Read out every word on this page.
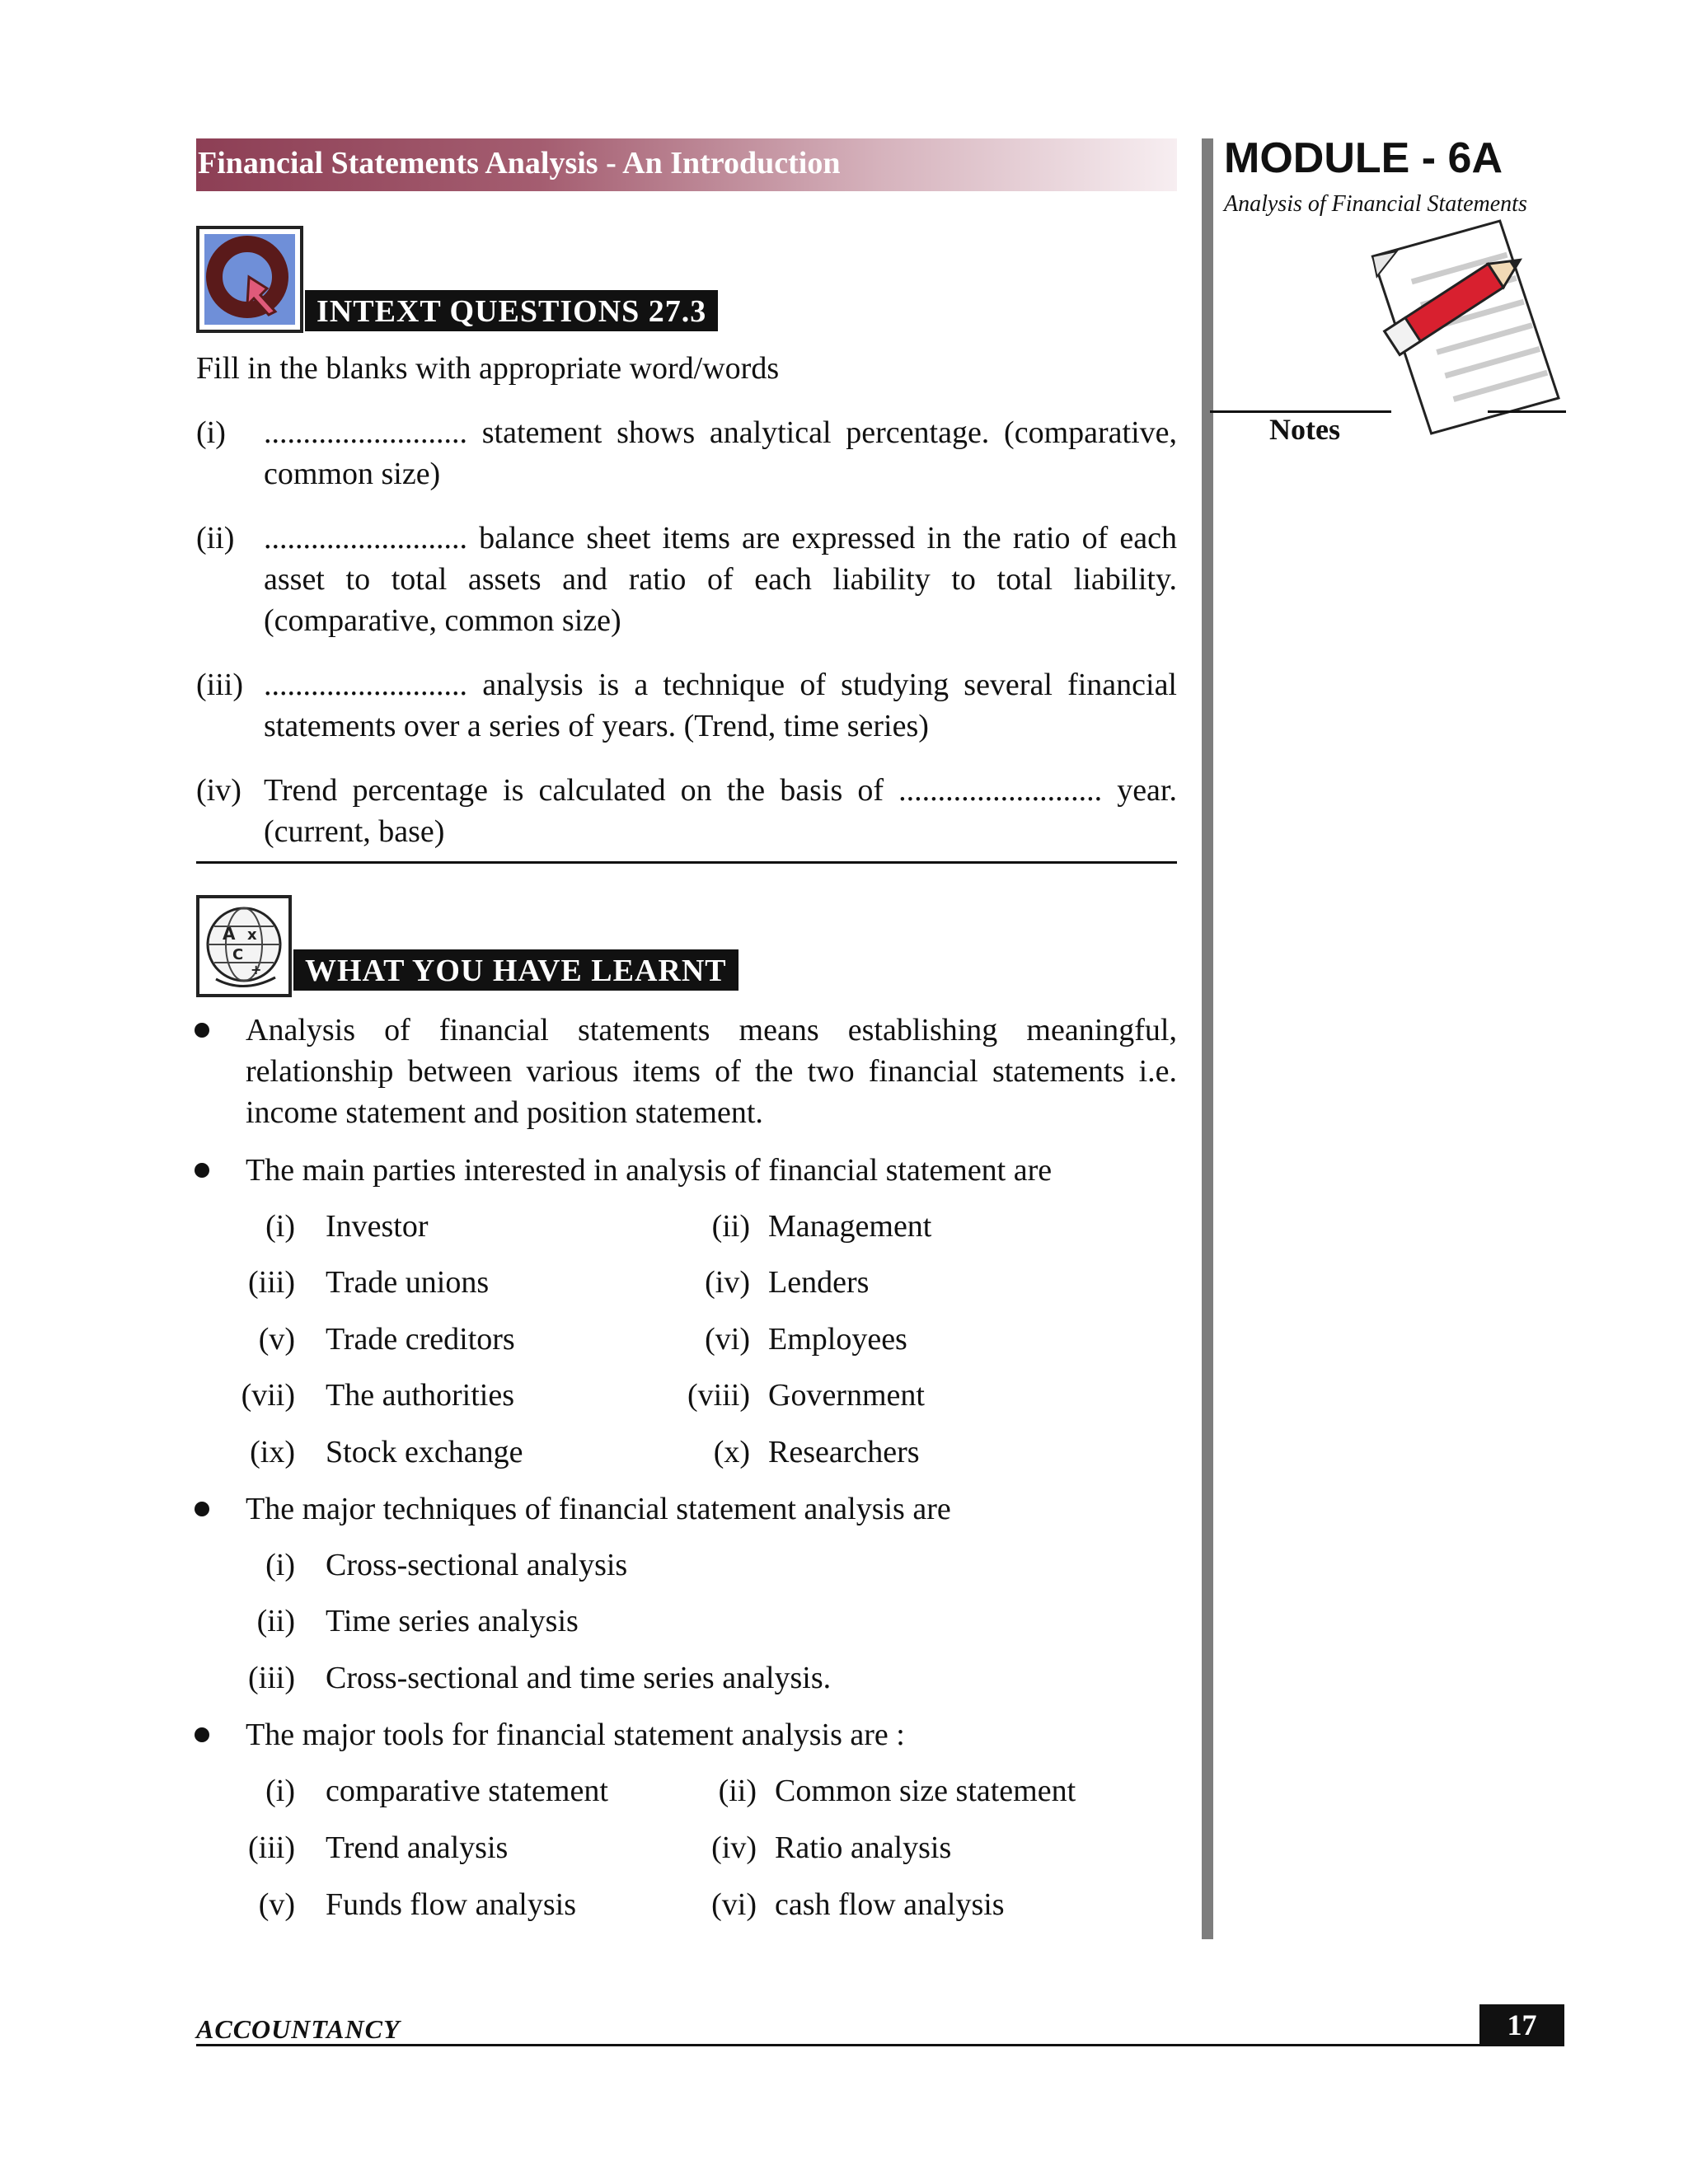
Financial Statements Analysis - An Introduction	MODULE - 6A
Analysis of Financial Statements
Notes
INTEXT QUESTIONS 27.3
Fill in the blanks with appropriate word/words
(i) .......................... statement shows analytical percentage. (comparative, common size)
(ii) .......................... balance sheet items are expressed in the ratio of each asset to total assets and ratio of each liability to total liability. (comparative, common size)
(iii) .......................... analysis is a technique of studying several financial statements over a series of years. (Trend, time series)
(iv) Trend percentage is calculated on the basis of .......................... year. (current, base)
A x
C
+	WHAT YOU HAVE LEARNT
Analysis of financial statements means establishing meaningful, relationship between various items of the two financial statements i.e. income statement and position statement.
The main parties interested in analysis of financial statement are
(i) Investor	(ii) Management
(iii) Trade unions	(iv) Lenders
(v) Trade creditors	(vi) Employees
(vii) The authorities	(viii) Government
(ix) Stock exchange	(x) Researchers
The major techniques of financial statement analysis are
(i) Cross-sectional analysis
(ii) Time series analysis
(iii) Cross-sectional and time series analysis.
The major tools for financial statement analysis are :
(i) comparative statement	(ii) Common size statement
(iii) Trend analysis	(iv) Ratio analysis
(v) Funds flow analysis	(vi) cash flow analysis
ACCOUNTANCY	17
